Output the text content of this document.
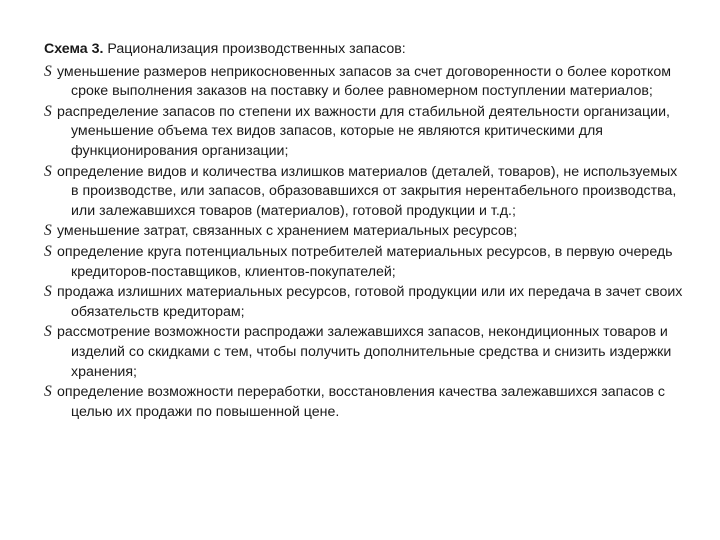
Схема 3. Рационализация производственных запасов:
S уменьшение размеров неприкосновенных запасов за счет договоренности о более коротком сроке выполнения заказов на поставку и более равномерном поступлении материалов;
S распределение запасов по степени их важности для стабильной деятельности организации, уменьшение объема тех видов запасов, которые не являются критическими для функционирования организации;
S определение видов и количества излишков материалов (деталей, товаров), не используемых в производстве, или запасов, образовавшихся от закрытия нерентабельного производства, или залежавшихся товаров (материалов), готовой продукции и т.д.;
S уменьшение затрат, связанных с хранением материальных ресурсов;
S определение круга потенциальных потребителей материальных ресурсов, в первую очередь кредиторов-поставщиков, клиентов-покупателей;
S продажа излишних материальных ресурсов, готовой продукции или их передача в зачет своих обязательств кредиторам;
S рассмотрение возможности распродажи залежавшихся запасов, некондиционных товаров и изделий со скидками с тем, чтобы получить дополнительные средства и снизить издержки хранения;
S определение возможности переработки, восстановления качества залежавшихся запасов с целью их продажи по повышенной цене.
